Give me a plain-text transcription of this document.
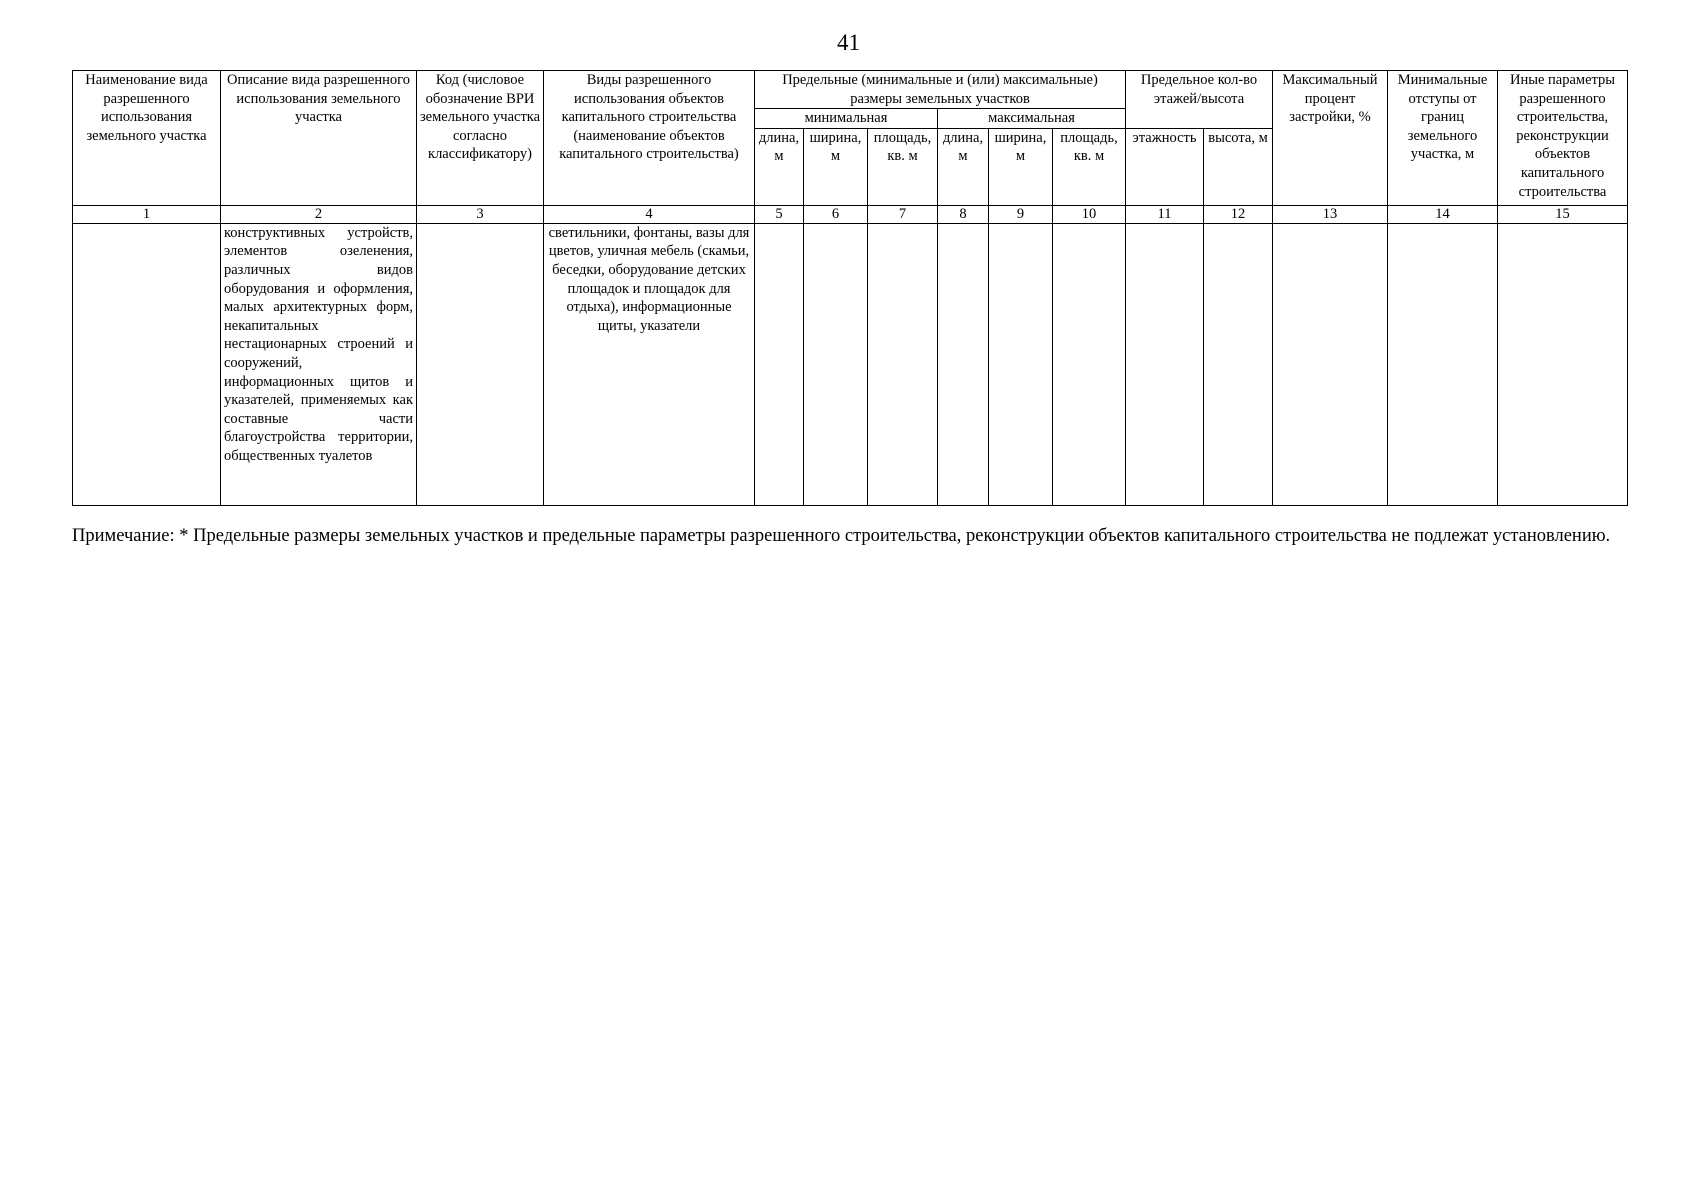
41
Наименование вида разрешенного использования земельного участка	Описание вида разрешенного использования земельного участка	Код (числовое обозначение ВРИ земельного участка согласно классификатору)	Виды разрешенного использования объектов капитального строительства (наименование объектов капитального строительства)	Предельные (минимальные и (или) максимальные) размеры земельных участков						Предельное кол-во этажей/высота		Максимальный процент застройки, %	Минимальные отступы от границ земельного участка, м	Иные параметры разрешенного строительства, реконструкции объектов капитального строительства
				минимальная			максимальная							
				длина, м	ширина, м	площадь, кв. м	длина, м	ширина, м	площадь, кв. м	этажность	высота, м			
1	2	3	4	5	6	7	8	9	10	11	12	13	14	15

	конструктивных устройств, элементов озеленения, различных видов оборудования и оформления, малых архитектурных форм, некапитальных нестационарных строений и сооружений, информационных щитов и указателей, применяемых как составные части благоустройства территории, общественных туалетов		светильники, фонтаны, вазы для цветов, уличная мебель (скамьи, беседки, оборудование детских площадок и площадок для отдыха), информационные щиты, указатели											
Примечание: * Предельные размеры земельных участков и предельные параметры разрешенного строительства, реконструкции объектов капитального строительства не подлежат установлению.
